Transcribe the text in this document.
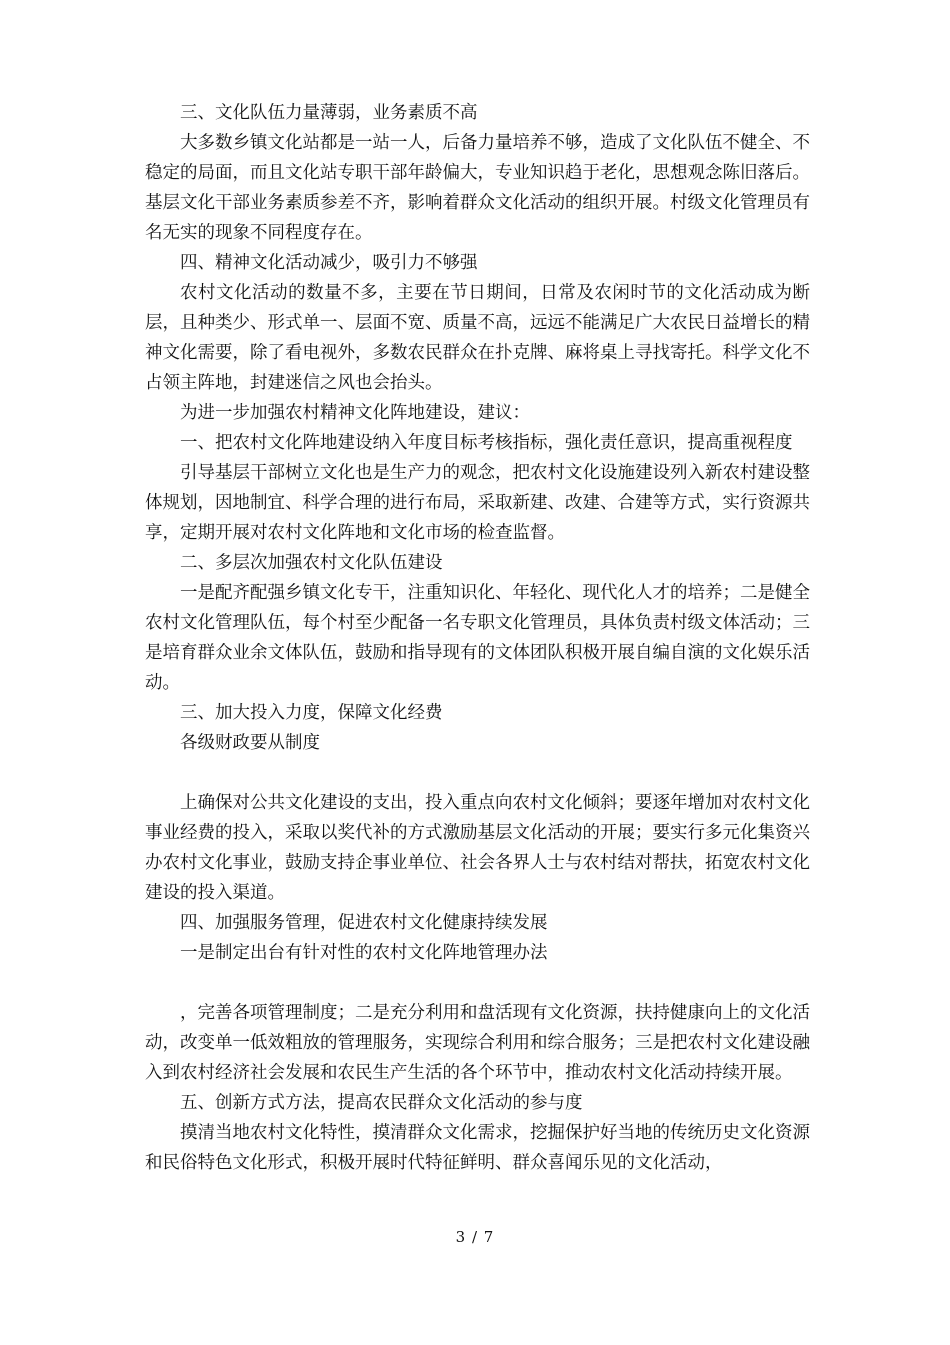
三、文化队伍力量薄弱，业务素质不高

大多数乡镇文化站都是一站一人，后备力量培养不够，造成了文化队伍不健全、不稳定的局面，而且文化站专职干部年龄偏大，专业知识趋于老化，思想观念陈旧落后。基层文化干部业务素质参差不齐，影响着群众文化活动的组织开展。村级文化管理员有名无实的现象不同程度存在。

四、精神文化活动减少，吸引力不够强

农村文化活动的数量不多，主要在节日期间，日常及农闲时节的文化活动成为断层，且种类少、形式单一、层面不宽、质量不高，远远不能满足广大农民日益增长的精神文化需要，除了看电视外，多数农民群众在扑克牌、麻将桌上寻找寄托。科学文化不占领主阵地，封建迷信之风也会抬头。

为进一步加强农村精神文化阵地建设，建议：

一、把农村文化阵地建设纳入年度目标考核指标，强化责任意识，提高重视程度

引导基层干部树立文化也是生产力的观念，把农村文化设施建设列入新农村建设整体规划，因地制宜、科学合理的进行布局，采取新建、改建、合建等方式，实行资源共享，定期开展对农村文化阵地和文化市场的检查监督。

二、多层次加强农村文化队伍建设

一是配齐配强乡镇文化专干，注重知识化、年轻化、现代化人才的培养；二是健全农村文化管理队伍，每个村至少配备一名专职文化管理员，具体负责村级文体活动；三是培育群众业余文体队伍，鼓励和指导现有的文体团队积极开展自编自演的文化娱乐活动。

三、加大投入力度，保障文化经费

各级财政要从制度

上确保对公共文化建设的支出，投入重点向农村文化倾斜；要逐年增加对农村文化事业经费的投入，采取以奖代补的方式激励基层文化活动的开展；要实行多元化集资兴办农村文化事业，鼓励支持企事业单位、社会各界人士与农村结对帮扶，拓宽农村文化建设的投入渠道。

四、加强服务管理，促进农村文化健康持续发展

一是制定出台有针对性的农村文化阵地管理办法

，完善各项管理制度；二是充分利用和盘活现有文化资源，扶持健康向上的文化活动，改变单一低效粗放的管理服务，实现综合利用和综合服务；三是把农村文化建设融入到农村经济社会发展和农民生产生活的各个环节中，推动农村文化活动持续开展。

五、创新方式方法，提高农民群众文化活动的参与度

摸清当地农村文化特性，摸清群众文化需求，挖掘保护好当地的传统历史文化资源和民俗特色文化形式，积极开展时代特征鲜明、群众喜闻乐见的文化活动，

3 / 7
